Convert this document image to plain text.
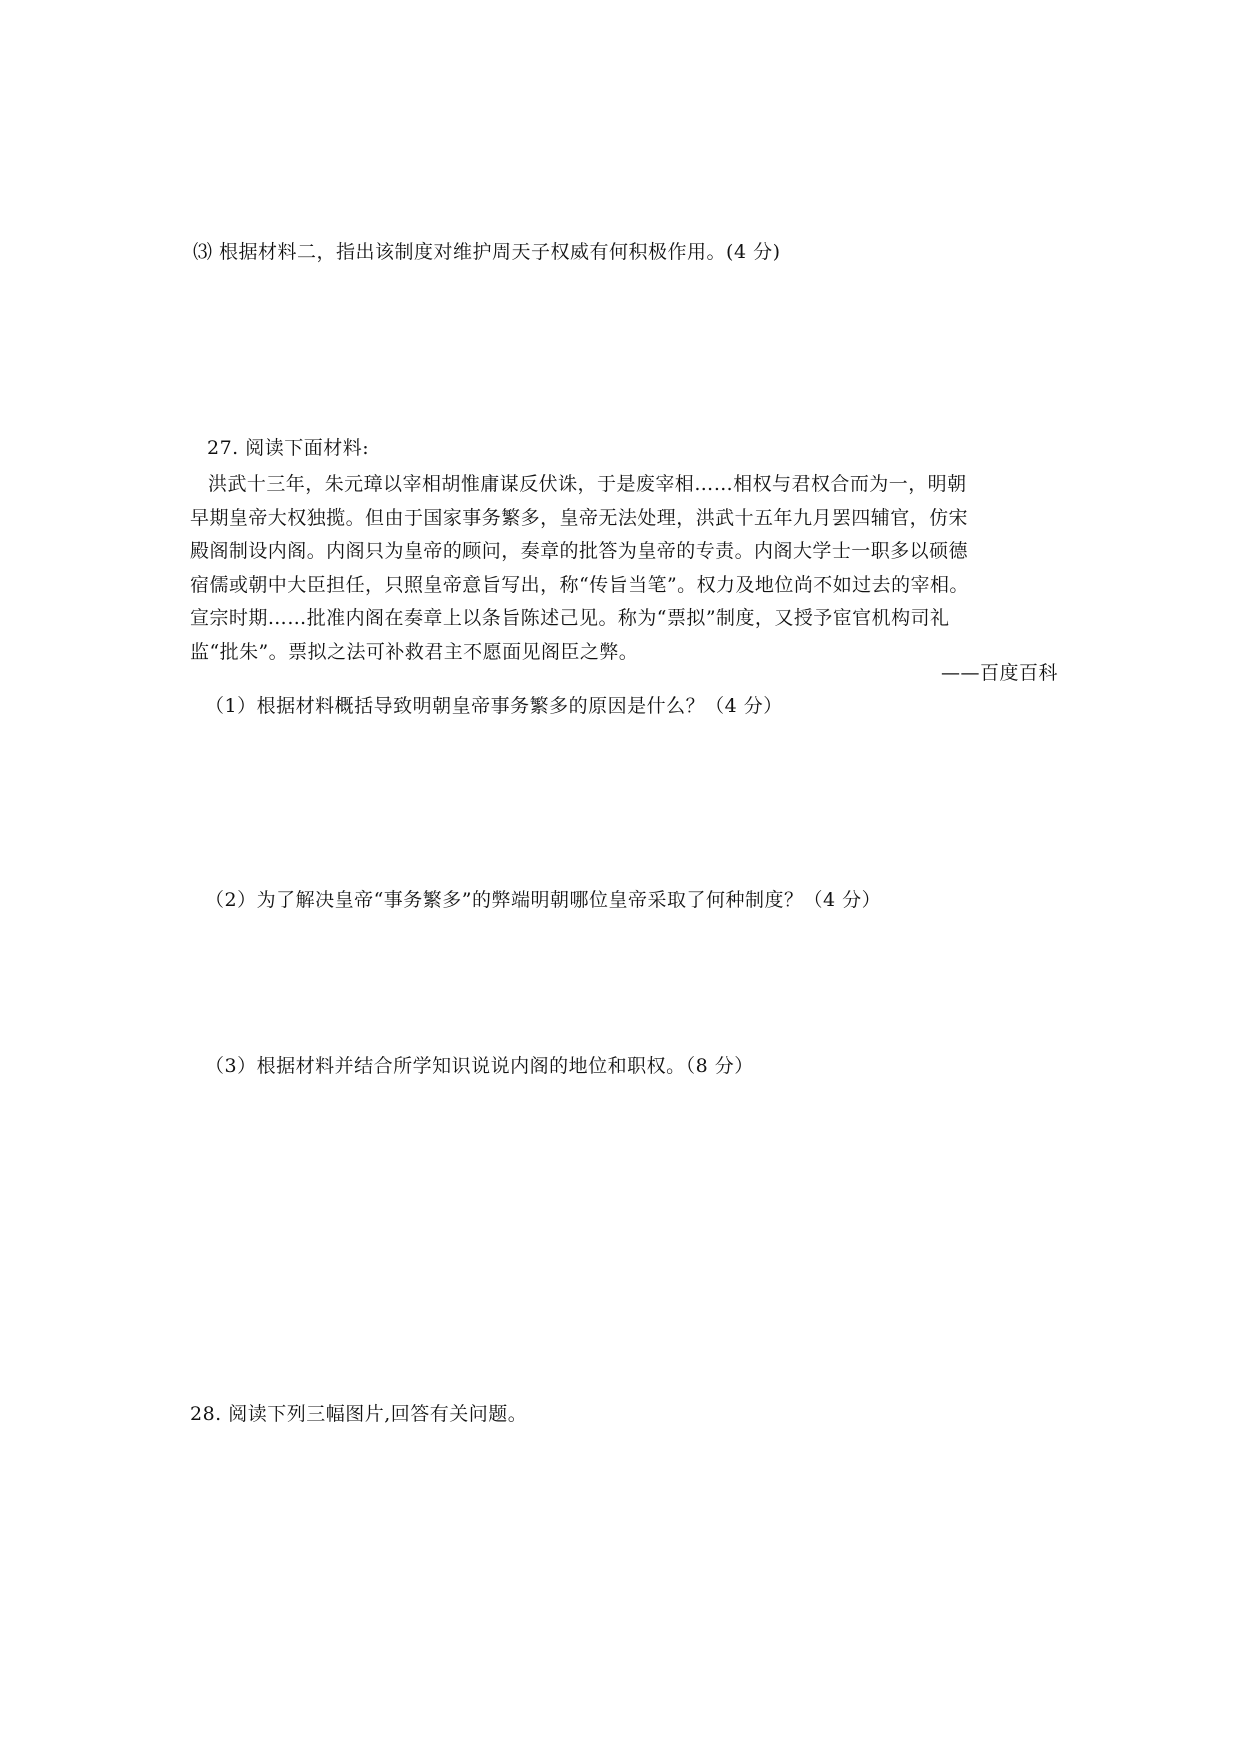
⑶ 根据材料二，指出该制度对维护周天子权威有何积极作用。(4 分)
27. 阅读下面材料:
洪武十三年，朱元璋以宰相胡惟庸谋反伏诛，于是废宰相……相权与君权合而为一，明朝
早期皇帝大权独揽。但由于国家事务繁多，皇帝无法处理，洪武十五年九月罢四辅官，仿宋
殿阁制设内阁。内阁只为皇帝的顾问，奏章的批答为皇帝的专责。内阁大学士一职多以硕德
宿儒或朝中大臣担任，只照皇帝意旨写出，称“传旨当笔”。权力及地位尚不如过去的宰相。
宣宗时期……批准内阁在奏章上以条旨陈述己见。称为“票拟”制度，又授予宦官机构司礼
监“批朱”。票拟之法可补救君主不愿面见阁臣之弊。
——百度百科
（1）根据材料概括导致明朝皇帝事务繁多的原因是什么？（4 分）
（2）为了解决皇帝“事务繁多”的弊端明朝哪位皇帝采取了何种制度？（4 分）
（3）根据材料并结合所学知识说说内阁的地位和职权。（8 分）
28. 阅读下列三幅图片,回答有关问题。
